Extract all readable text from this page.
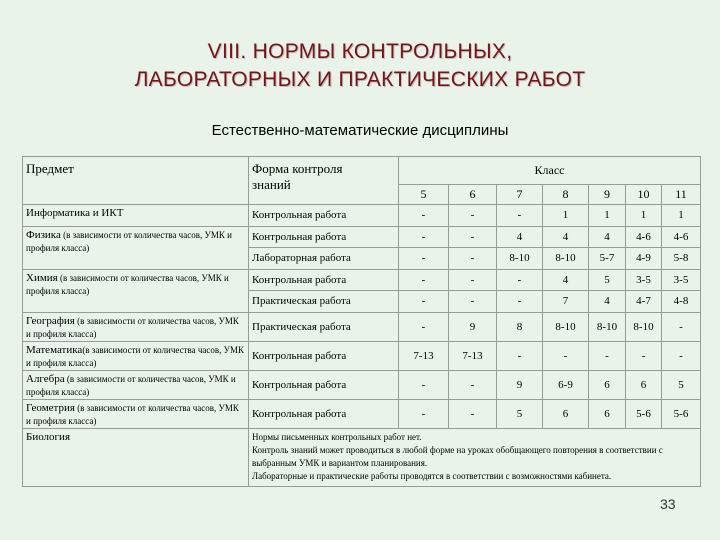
VIII. НОРМЫ КОНТРОЛЬНЫХ,
ЛАБОРАТОРНЫХ И ПРАКТИЧЕСКИХ РАБОТ
Естественно-математические дисциплины
Предмет	Форма контроля
знаний	Класс						
		5	6	7	8	9	10	11
Информатика и ИКТ	Контрольная работа	-	-	-	1	1	1	1
Физика (в зависимости от количества часов, УМК и профиля класса)	Контрольная работа	-	-	4	4	4	4-6	4-6
	Лабораторная работа	-	-	8-10	8-10	5-7	4-9	5-8
Химия (в зависимости от количества часов, УМК и профиля класса)	Контрольная работа	-	-	-	4	5	3-5	3-5
	Практическая работа	-	-	-	7	4	4-7	4-8
География (в зависимости от количества часов, УМК и профиля класса)	Практическая работа	-	9	8	8-10	8-10	8-10	-
Математика(в зависимости от количества часов, УМК и профиля класса)	Контрольная работа	7-13	7-13	-	-	-	-	-
Алгебра (в зависимости от количества часов, УМК и профиля класса)	Контрольная работа	-	-	9	6-9	6	6	5
Геометрия (в зависимости от количества часов, УМК и профиля класса)	Контрольная работа	-	-	5	6	6	5-6	5-6
Биология	Нормы письменных контрольных работ нет.
Контроль знаний может проводиться в любой форме на уроках обобщающего повторения в соответствии с выбранным УМК и вариантом планирования.
Лабораторные и практические работы проводятся в соответствии с возможностями кабинета.							
33
